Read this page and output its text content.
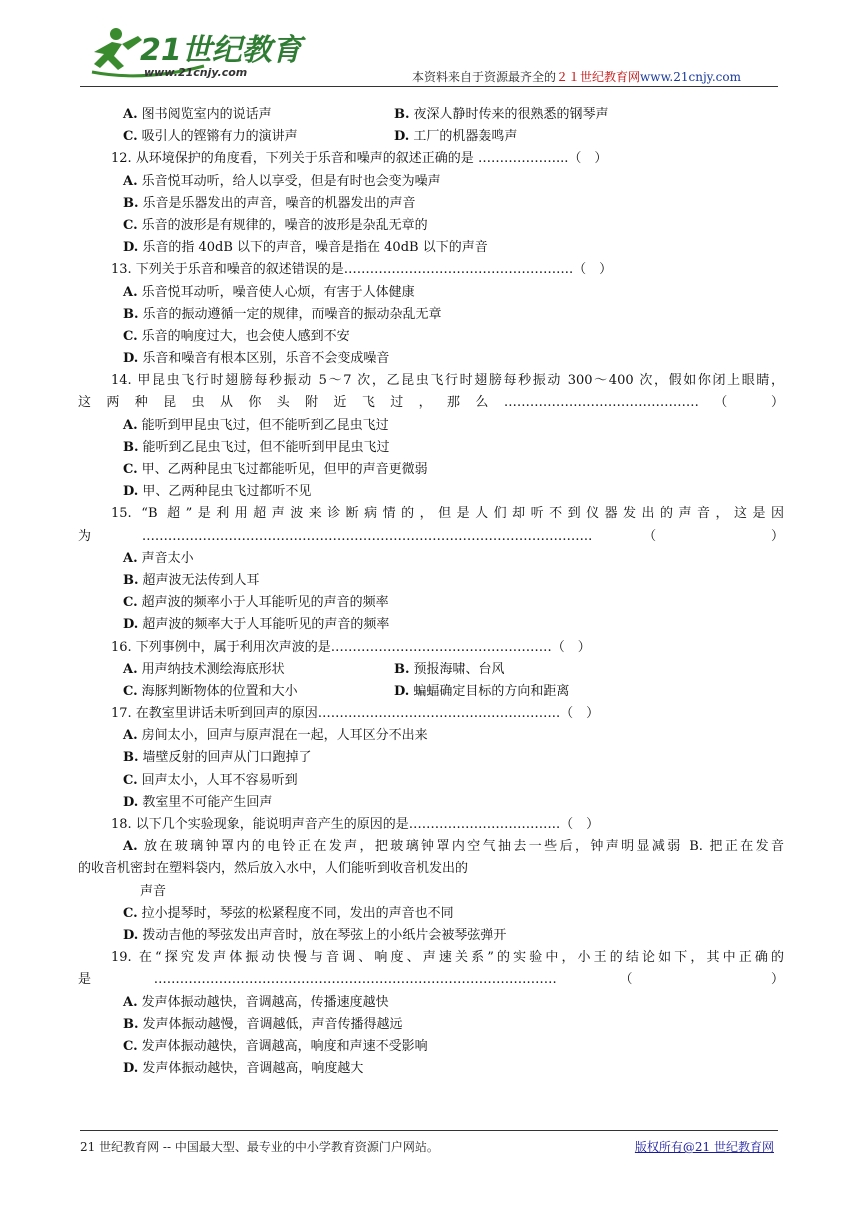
21世纪教育
www.21cnjy.com	本资料来自于资源最齐全的２１世纪教育网www.21cnjy.com
A. 图书阅览室内的说话声	B. 夜深人静时传来的很熟悉的钢琴声
C. 吸引人的铿锵有力的演讲声	D. 工厂的机器轰鸣声
12. 从环境保护的角度看，下列关于乐音和噪声的叙述正确的是 ………………...（　）
A. 乐音悦耳动听，给人以享受，但是有时也会变为噪声
B. 乐音是乐器发出的声音，噪音的机器发出的声音
C. 乐音的波形是有规律的，噪音的波形是杂乱无章的
D. 乐音的指 40dB 以下的声音，噪音是指在 40dB 以下的声音
13. 下列关于乐音和噪音的叙述错误的是……………………………………………..（　）
A. 乐音悦耳动听，噪音使人心烦，有害于人体健康
B. 乐音的振动遵循一定的规律，而噪音的振动杂乱无章
C. 乐音的响度过大，也会使人感到不安
D. 乐音和噪音有根本区别，乐音不会变成噪音
14. 甲昆虫飞行时翅膀每秒振动 5～7 次，乙昆虫飞行时翅膀每秒振动 300～400 次，假如你闭上眼睛，
这两种昆虫从你头附近飞过，那么………………………………………（　）
A. 能听到甲昆虫飞过，但不能听到乙昆虫飞过
B. 能听到乙昆虫飞过，但不能听到甲昆虫飞过
C. 甲、乙两种昆虫飞过都能听见，但甲的声音更微弱
D. 甲、乙两种昆虫飞过都听不见
15. “B 超”是利用超声波来诊断病情的，但是人们却听不到仪器发出的声音，这是因
为…………………………………………………………………………………………..（　）
A. 声音太小
B. 超声波无法传到人耳
C. 超声波的频率小于人耳能听见的声音的频率
D. 超声波的频率大于人耳能听见的声音的频率
16. 下列事例中，属于利用次声波的是……………………………………………（　）
A. 用声纳技术测绘海底形状	B. 预报海啸、台风
C. 海豚判断物体的位置和大小	D. 蝙蝠确定目标的方向和距离
17. 在教室里讲话未听到回声的原因………………………………………………..（　）
A. 房间太小，回声与原声混在一起，人耳区分不出来
B. 墙壁反射的回声从门口跑掉了
C. 回声太小，人耳不容易听到
D. 教室里不可能产生回声
18. 以下几个实验现象，能说明声音产生的原因的是……………………………..（　）
A. 放在玻璃钟罩内的电铃正在发声，把玻璃钟罩内空气抽去一些后，钟声明显减弱 B. 把正在发音
的收音机密封在塑料袋内，然后放入水中，人们能听到收音机发出的
声音
C. 拉小提琴时，琴弦的松紧程度不同，发出的声音也不同
D. 拨动吉他的琴弦发出声音时，放在琴弦上的小纸片会被琴弦弹开
19. 在“探究发声体振动快慢与音调、响度、声速关系”的实验中，小王的结论如下，其中正确的
是…………………………………………………………………………………（　）
A. 发声体振动越快，音调越高，传播速度越快
B. 发声体振动越慢，音调越低，声音传播得越远
C. 发声体振动越快，音调越高，响度和声速不受影响
D. 发声体振动越快，音调越高，响度越大
21 世纪教育网 -- 中国最大型、最专业的中小学教育资源门户网站。	版权所有@21 世纪教育网
